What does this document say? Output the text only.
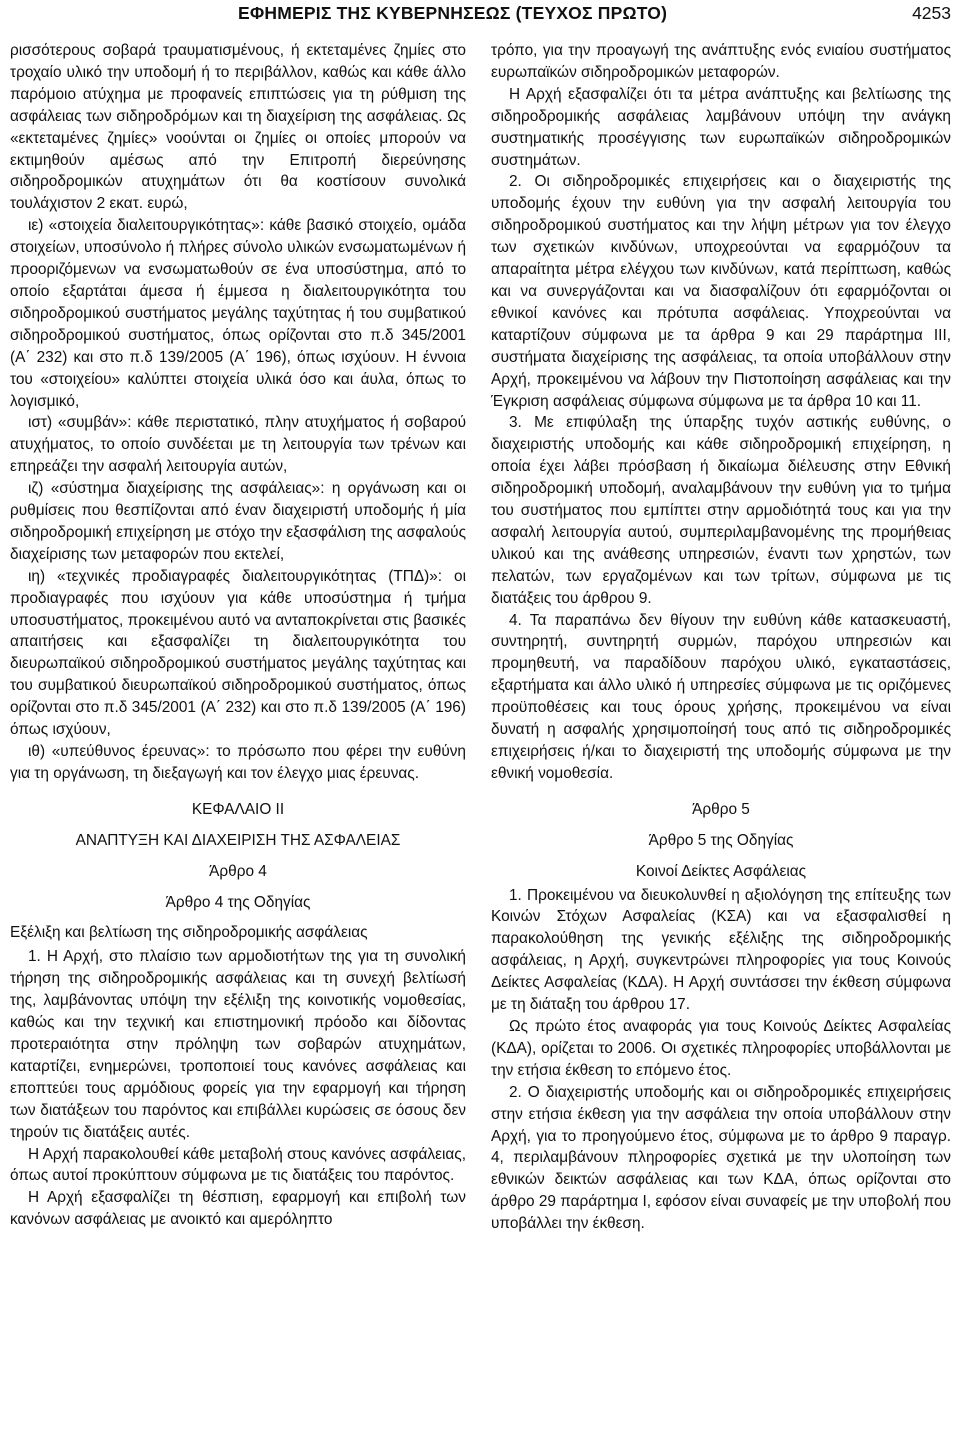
ΕΦΗΜΕΡΙΣ ΤΗΣ ΚΥΒΕΡΝΗΣΕΩΣ (ΤΕΥΧΟΣ ΠΡΩΤΟ)	4253

ρισσότερους σοβαρά τραυματισμένους, ή εκτεταμένες ζημίες στο τροχαίο υλικό την υποδομή ή το περιβάλλον, καθώς και κάθε άλλο παρόμοιο ατύχημα με προφανείς επιπτώσεις για τη ρύθμιση της ασφάλειας των σιδηροδρόμων και τη διαχείριση της ασφάλειας. Ως «εκτεταμένες ζημίες» νοούνται οι ζημίες οι οποίες μπορούν να εκτιμηθούν αμέσως από την Επιτροπή διερεύνησης σιδηροδρομικών ατυχημάτων ότι θα κοστίσουν συνολικά τουλάχιστον 2 εκατ. ευρώ,

ιε) «στοιχεία διαλειτουργικότητας»: κάθε βασικό στοιχείο, ομάδα στοιχείων, υποσύνολο ή πλήρες σύνολο υλικών ενσωματωμένων ή προοριζόμενων να ενσωματωθούν σε ένα υποσύστημα, από το οποίο εξαρτάται άμεσα ή έμμεσα η διαλειτουργικότητα του σιδηροδρομικού συστήματος μεγάλης ταχύτητας ή του συμβατικού σιδηροδρομικού συστήματος, όπως ορίζονται στο π.δ 345/2001 (Α΄ 232) και στο π.δ 139/2005 (Α΄ 196), όπως ισχύουν. Η έννοια του «στοιχείου» καλύπτει στοιχεία υλικά όσο και άυλα, όπως το λογισμικό,

ιστ) «συμβάν»: κάθε περιστατικό, πλην ατυχήματος ή σοβαρού ατυχήματος, το οποίο συνδέεται με τη λειτουργία των τρένων και επηρεάζει την ασφαλή λειτουργία αυτών,

ιζ) «σύστημα διαχείρισης της ασφάλειας»: η οργάνωση και οι ρυθμίσεις που θεσπίζονται από έναν διαχειριστή υποδομής ή μία σιδηροδρομική επιχείρηση με στόχο την εξασφάλιση της ασφαλούς διαχείρισης των μεταφορών που εκτελεί,

ιη) «τεχνικές προδιαγραφές διαλειτουργικότητας (ΤΠΔ)»: οι προδιαγραφές που ισχύουν για κάθε υποσύστημα ή τμήμα υποσυστήματος, προκειμένου αυτό να ανταποκρίνεται στις βασικές απαιτήσεις και εξασφαλίζει τη διαλειτουργικότητα του διευρωπαϊκού σιδηροδρομικού συστήματος μεγάλης ταχύτητας και του συμβατικού διευρωπαϊκού σιδηροδρομικού συστήματος, όπως ορίζονται στο π.δ 345/2001 (Α΄ 232) και στο π.δ 139/2005 (Α΄ 196) όπως ισχύουν,

ιθ) «υπεύθυνος έρευνας»: το πρόσωπο που φέρει την ευθύνη για τη οργάνωση, τη διεξαγωγή και τον έλεγχο μιας έρευνας.

ΚΕΦΑΛΑΙΟ ΙΙ

ΑΝΑΠΤΥΞΗ ΚΑΙ ΔΙΑΧΕΙΡΙΣΗ ΤΗΣ ΑΣΦΑΛΕΙΑΣ

Άρθρο 4

Άρθρο 4 της Οδηγίας

Εξέλιξη και βελτίωση της σιδηροδρομικής ασφάλειας

1. Η Αρχή, στο πλαίσιο των αρμοδιοτήτων της για τη συνολική τήρηση της σιδηροδρομικής ασφάλειας και τη συνεχή βελτίωσή της, λαμβάνοντας υπόψη την εξέλιξη της κοινοτικής νομοθεσίας, καθώς και την τεχνική και επιστημονική πρόοδο και δίδοντας προτεραιότητα στην πρόληψη των σοβαρών ατυχημάτων, καταρτίζει, ενημερώνει, τροποποιεί τους κανόνες ασφάλειας και εποπτεύει τους αρμόδιους φορείς για την εφαρμογή και τήρηση των διατάξεων του παρόντος και επιβάλλει κυρώσεις σε όσους δεν τηρούν τις διατάξεις αυτές.

Η Αρχή παρακολουθεί κάθε μεταβολή στους κανόνες ασφάλειας, όπως αυτοί προκύπτουν σύμφωνα με τις διατάξεις του παρόντος.

Η Αρχή εξασφαλίζει τη θέσπιση, εφαρμογή και επιβολή των κανόνων ασφάλειας με ανοικτό και αμερόληπτο

τρόπο, για την προαγωγή της ανάπτυξης ενός ενιαίου συστήματος ευρωπαϊκών σιδηροδρομικών μεταφορών.

Η Αρχή εξασφαλίζει ότι τα μέτρα ανάπτυξης και βελτίωσης της σιδηροδρομικής ασφάλειας λαμβάνουν υπόψη την ανάγκη συστηματικής προσέγγισης των ευρωπαϊκών σιδηροδρομικών συστημάτων.

2. Οι σιδηροδρομικές επιχειρήσεις και ο διαχειριστής της υποδομής έχουν την ευθύνη για την ασφαλή λειτουργία του σιδηροδρομικού συστήματος και την λήψη μέτρων για τον έλεγχο των σχετικών κινδύνων, υποχρεούνται να εφαρμόζουν τα απαραίτητα μέτρα ελέγχου των κινδύνων, κατά περίπτωση, καθώς και να συνεργάζονται και να διασφαλίζουν ότι εφαρμόζονται οι εθνικοί κανόνες και πρότυπα ασφάλειας. Υποχρεούνται να καταρτίζουν σύμφωνα με τα άρθρα 9 και 29 παράρτημα ΙΙΙ, συστήματα διαχείρισης της ασφάλειας, τα οποία υποβάλλουν στην Αρχή, προκειμένου να λάβουν την Πιστοποίηση ασφάλειας και την Έγκριση ασφάλειας σύμφωνα σύμφωνα με τα άρθρα 10 και 11.

3. Με επιφύλαξη της ύπαρξης τυχόν αστικής ευθύνης, ο διαχειριστής υποδομής και κάθε σιδηροδρομική επιχείρηση, η οποία έχει λάβει πρόσβαση ή δικαίωμα διέλευσης στην Εθνική σιδηροδρομική υποδομή, αναλαμβάνουν την ευθύνη για το τμήμα του συστήματος που εμπίπτει στην αρμοδιότητά τους και για την ασφαλή λειτουργία αυτού, συμπεριλαμβανομένης της προμήθειας υλικού και της ανάθεσης υπηρεσιών, έναντι των χρηστών, των πελατών, των εργαζομένων και των τρίτων, σύμφωνα με τις διατάξεις του άρθρου 9.

4. Τα παραπάνω δεν θίγουν την ευθύνη κάθε κατασκευαστή, συντηρητή, συντηρητή συρμών, παρόχου υπηρεσιών και προμηθευτή, να παραδίδουν παρόχου υλικό, εγκαταστάσεις, εξαρτήματα και άλλο υλικό ή υπηρεσίες σύμφωνα με τις οριζόμενες προϋποθέσεις και τους όρους χρήσης, προκειμένου να είναι δυνατή η ασφαλής χρησιμοποίησή τους από τις σιδηροδρομικές επιχειρήσεις ή/και το διαχειριστή της υποδομής σύμφωνα με την εθνική νομοθεσία.

Άρθρο 5

Άρθρο 5 της Οδηγίας

Κοινοί Δείκτες Ασφάλειας

1. Προκειμένου να διευκολυνθεί η αξιολόγηση της επίτευξης των Κοινών Στόχων Ασφαλείας (ΚΣΑ) και να εξασφαλισθεί η παρακολούθηση της γενικής εξέλιξης της σιδηροδρομικής ασφάλειας, η Αρχή, συγκεντρώνει πληροφορίες για τους Κοινούς Δείκτες Ασφαλείας (ΚΔΑ). Η Αρχή συντάσσει την έκθεση σύμφωνα με τη διάταξη του άρθρου 17.

Ως πρώτο έτος αναφοράς για τους Κοινούς Δείκτες Ασφαλείας (ΚΔΑ), ορίζεται το 2006. Οι σχετικές πληροφορίες υποβάλλονται με την ετήσια έκθεση το επόμενο έτος.

2. Ο διαχειριστής υποδομής και οι σιδηροδρομικές επιχειρήσεις στην ετήσια έκθεση για την ασφάλεια την οποία υποβάλλουν στην Αρχή, για το προηγούμενο έτος, σύμφωνα με το άρθρο 9 παραγρ. 4, περιλαμβάνουν πληροφορίες σχετικά με την υλοποίηση των εθνικών δεικτών ασφάλειας και των ΚΔΑ, όπως ορίζονται στο άρθρο 29 παράρτημα Ι, εφόσον είναι συναφείς με την υποβολή που υποβάλλει την έκθεση.
